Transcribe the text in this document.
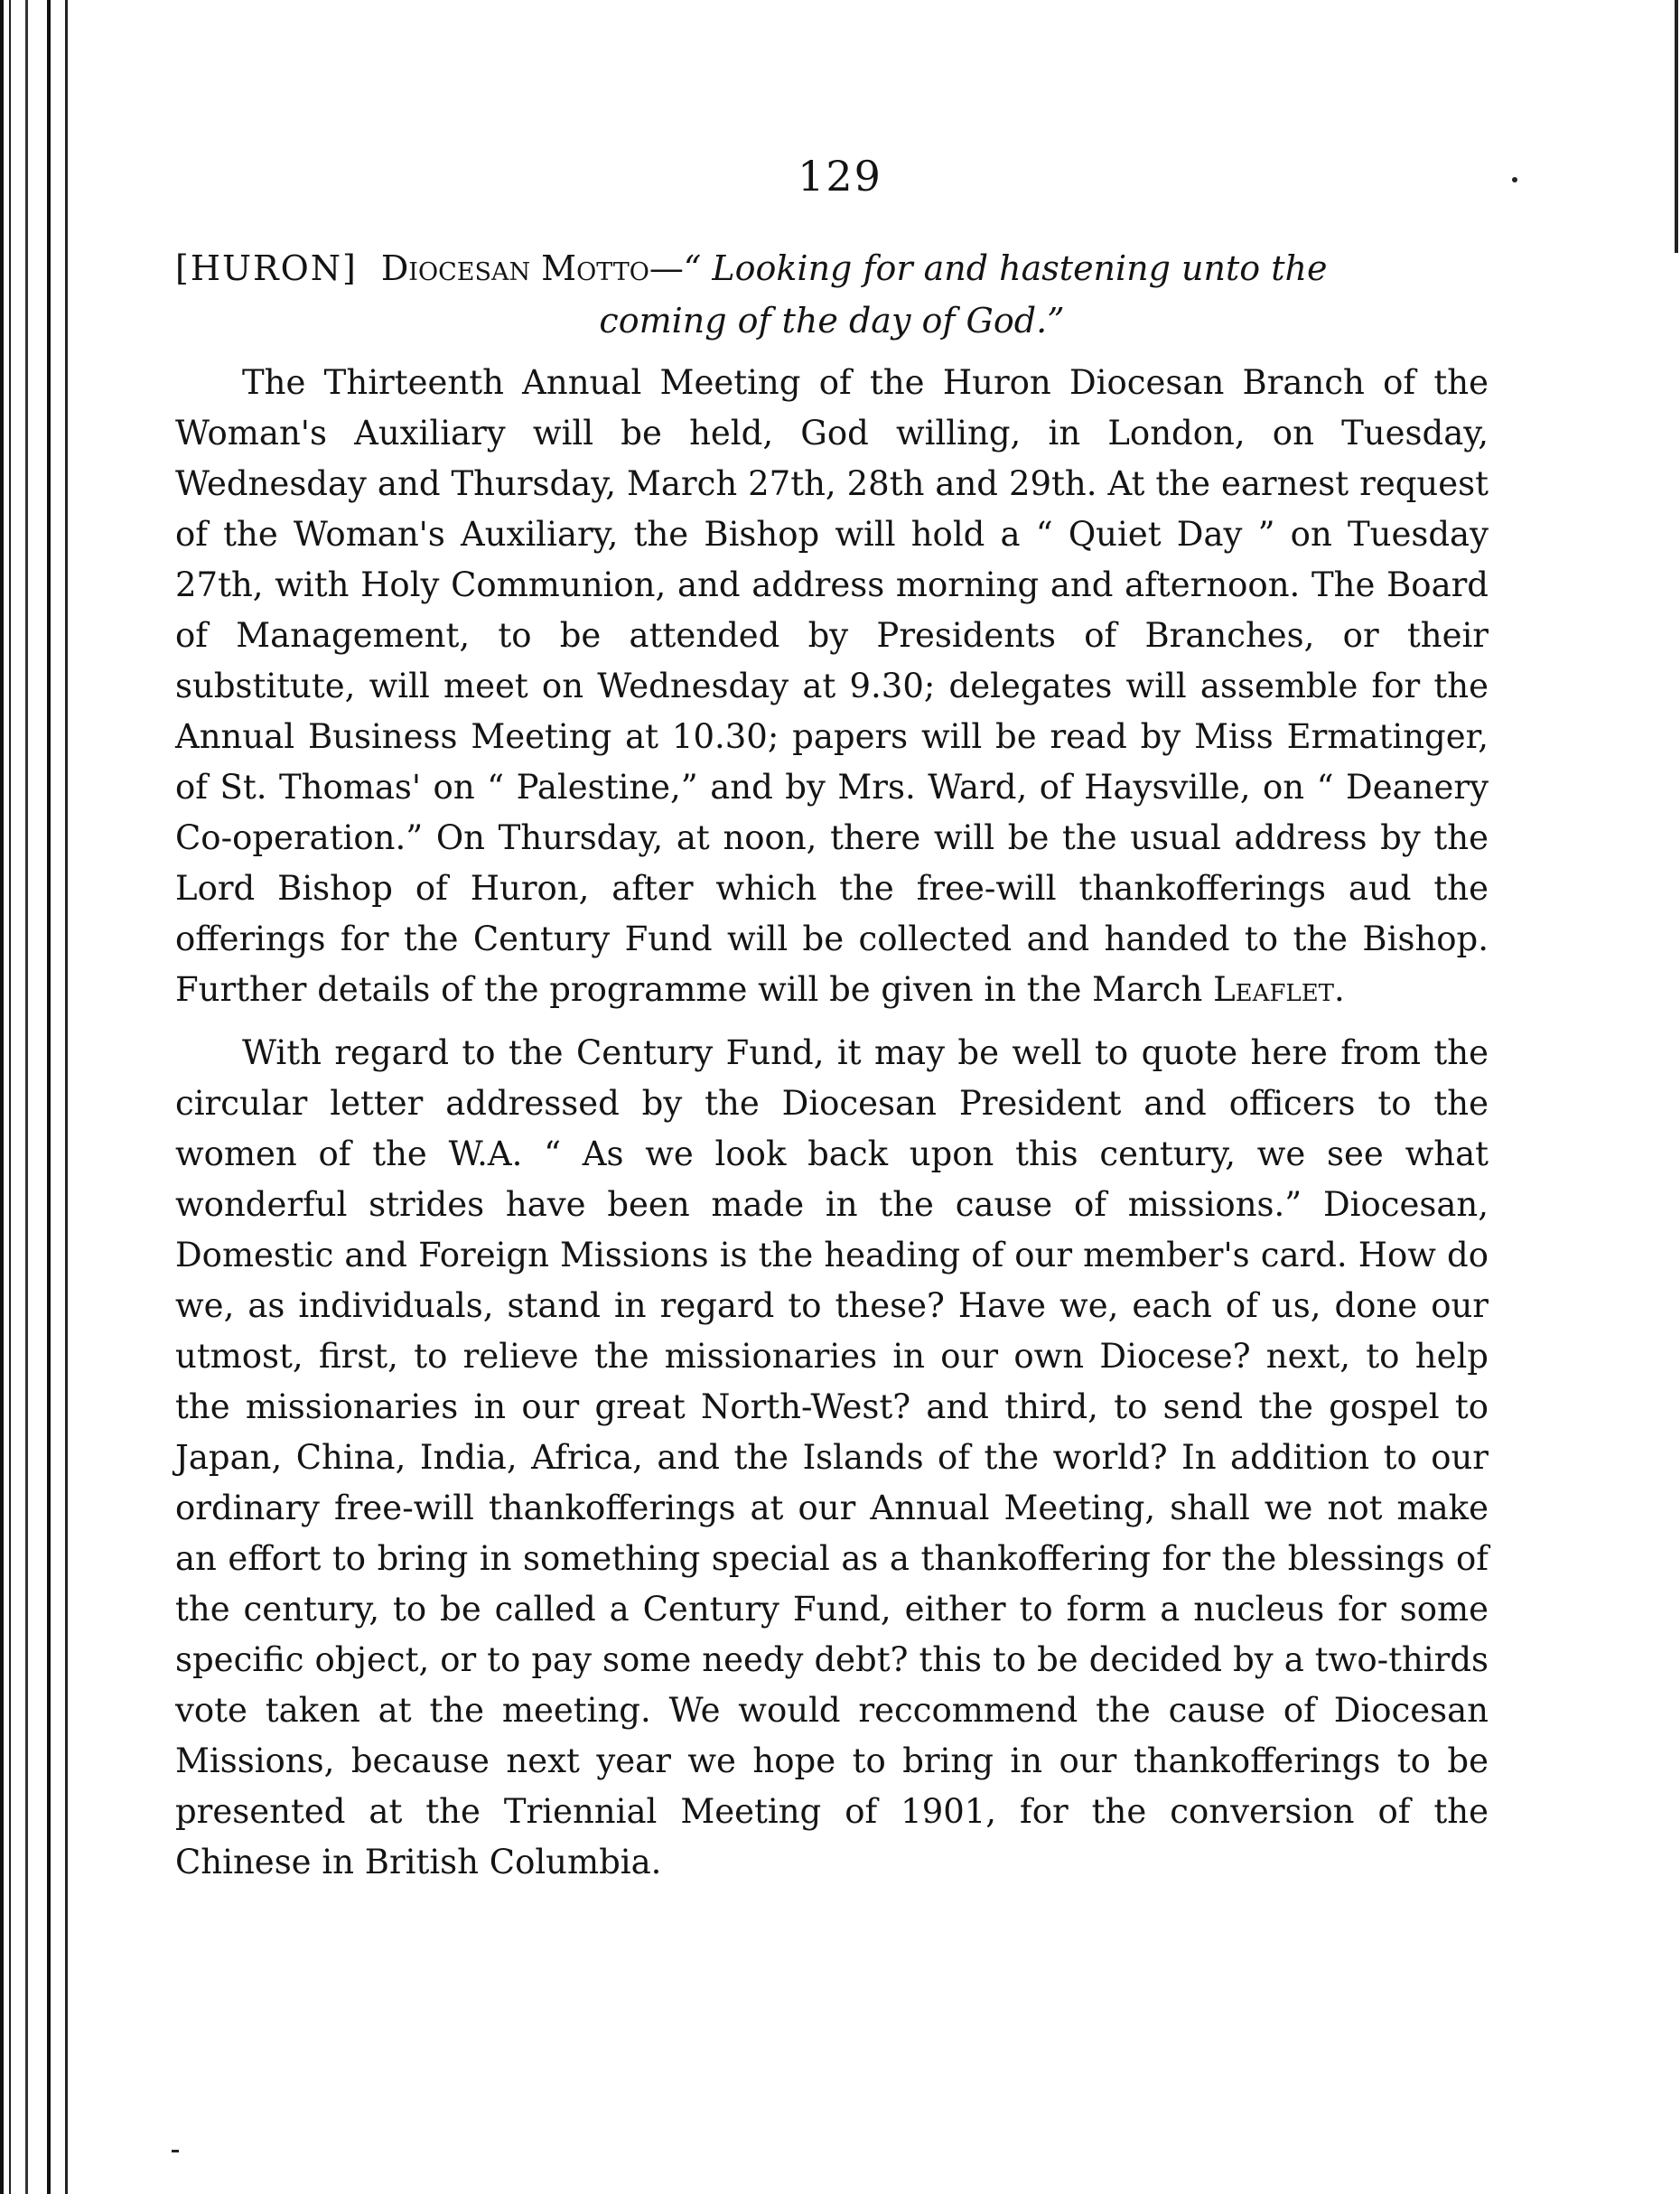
129
[HURON] Diocesan Motto—“ Looking for and hastening unto the
coming of the day of God.”

The Thirteenth Annual Meeting of the Huron Diocesan Branch of the Woman's Auxiliary will be held, God willing, in London, on Tuesday, Wednesday and Thursday, March 27th, 28th and 29th. At the earnest request of the Woman's Auxiliary, the Bishop will hold a “ Quiet Day ” on Tuesday 27th, with Holy Communion, and address morning and afternoon. The Board of Management, to be attended by Presidents of Branches, or their substitute, will meet on Wednesday at 9.30; delegates will assemble for the Annual Business Meeting at 10.30; papers will be read by Miss Ermatinger, of St. Thomas' on “ Palestine,” and by Mrs. Ward, of Haysville, on “ Deanery Co-operation.” On Thursday, at noon, there will be the usual address by the Lord Bishop of Huron, after which the free-will thankofferings aud the offerings for the Century Fund will be collected and handed to the Bishop. Further details of the programme will be given in the March Leaflet.

With regard to the Century Fund, it may be well to quote here from the circular letter addressed by the Diocesan President and officers to the women of the W.A. “ As we look back upon this century, we see what wonderful strides have been made in the cause of missions.” Diocesan, Domestic and Foreign Missions is the heading of our member's card. How do we, as individuals, stand in regard to these? Have we, each of us, done our utmost, first, to relieve the missionaries in our own Diocese? next, to help the missionaries in our great North-West? and third, to send the gospel to Japan, China, India, Africa, and the Islands of the world? In addition to our ordinary free-will thankofferings at our Annual Meeting, shall we not make an effort to bring in something special as a thankoffering for the blessings of the century, to be called a Century Fund, either to form a nucleus for some specific object, or to pay some needy debt? this to be decided by a two-thirds vote taken at the meeting. We would reccommend the cause of Diocesan Missions, because next year we hope to bring in our thankofferings to be presented at the Triennial Meeting of 1901, for the conversion of the Chinese in British Columbia.
